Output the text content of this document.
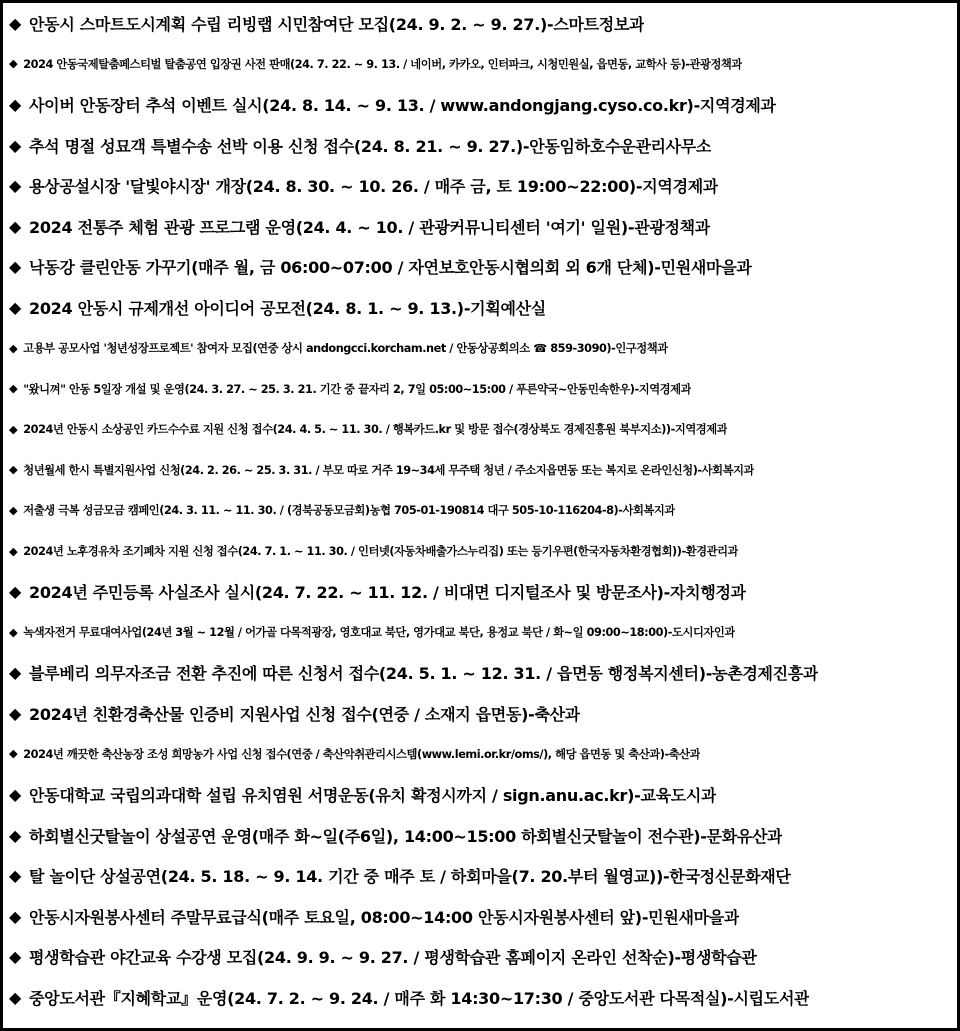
◆ 안동시 스마트도시계획 수립 리빙랩 시민참여단 모집(24. 9. 2. ~ 9. 27.)-스마트정보과
◆ 2024 안동국제탈춤페스티벌 탈춤공연 입장권 사전 판매(24. 7. 22. ~ 9. 13. / 네이버, 카카오, 인터파크, 시청민원실, 읍면동, 교학사 등)-관광정책과
◆ 사이버 안동장터 추석 이벤트 실시(24. 8. 14. ~ 9. 13. / www.andongjang.cyso.co.kr)-지역경제과
◆ 추석 명절 성묘객 특별수송 선박 이용 신청 접수(24. 8. 21. ~ 9. 27.)-안동임하호수운관리사무소
◆ 용상공설시장 '달빛야시장' 개장(24. 8. 30. ~ 10. 26. / 매주 금, 토 19:00~22:00)-지역경제과
◆ 2024 전통주 체험 관광 프로그램 운영(24. 4. ~ 10. / 관광커뮤니티센터 '여기' 일원)-관광정책과
◆ 낙동강 클린안동 가꾸기(매주 월, 금 06:00~07:00 / 자연보호안동시협의회 외 6개 단체)-민원새마을과
◆ 2024 안동시 규제개선 아이디어 공모전(24. 8. 1. ~ 9. 13.)-기획예산실
◆ 고용부 공모사업 '청년성장프로젝트' 참여자 모집(연중 상시 andongcci.korcham.net / 안동상공회의소 ☎ 859-3090)-인구정책과
◆ "왔니껴" 안동 5일장 개설 및 운영(24. 3. 27. ~ 25. 3. 21. 기간 중 끝자리 2, 7일 05:00~15:00 / 푸른약국~안동민속한우)-지역경제과
◆ 2024년 안동시 소상공인 카드수수료 지원 신청 접수(24. 4. 5. ~ 11. 30. / 행복카드.kr 및 방문 접수(경상북도 경제진흥원 북부지소))-지역경제과
◆ 청년월세 한시 특별지원사업 신청(24. 2. 26. ~ 25. 3. 31. / 부모 따로 거주 19~34세 무주택 청년 / 주소지읍면동 또는 복지로 온라인신청)-사회복지과
◆ 저출생 극복 성금모금 캠페인(24. 3. 11. ~ 11. 30. / (경북공동모금회)농협 705-01-190814 대구 505-10-116204-8)-사회복지과
◆ 2024년 노후경유차 조기폐차 지원 신청 접수(24. 7. 1. ~ 11. 30. / 인터넷(자동차배출가스누리집) 또는 등기우편(한국자동차환경협회))-환경관리과
◆ 2024년 주민등록 사실조사 실시(24. 7. 22. ~ 11. 12. / 비대면 디지털조사 및 방문조사)-자치행정과
◆ 녹색자전거 무료대여사업(24년 3월 ~ 12월 / 어가골 다목적광장, 영호대교 북단, 영가대교 북단, 용정교 북단 / 화~일 09:00~18:00)-도시디자인과
◆ 블루베리 의무자조금 전환 추진에 따른 신청서 접수(24. 5. 1. ~ 12. 31. / 읍면동 행정복지센터)-농촌경제진흥과
◆ 2024년 친환경축산물 인증비 지원사업 신청 접수(연중 / 소재지 읍면동)-축산과
◆ 2024년 깨끗한 축산농장 조성 희망농가 사업 신청 접수(연중 / 축산악취관리시스템(www.lemi.or.kr/oms/), 해당 읍면동 및 축산과)-축산과
◆ 안동대학교 국립의과대학 설립 유치염원 서명운동(유치 확정시까지 / sign.anu.ac.kr)-교육도시과
◆ 하회별신굿탈놀이 상설공연 운영(매주 화~일(주6일), 14:00~15:00 하회별신굿탈놀이 전수관)-문화유산과
◆ 탈 놀이단 상설공연(24. 5. 18. ~ 9. 14. 기간 중 매주 토 / 하회마을(7. 20.부터 월영교))-한국정신문화재단
◆ 안동시자원봉사센터 주말무료급식(매주 토요일, 08:00~14:00 안동시자원봉사센터 앞)-민원새마을과
◆ 평생학습관 야간교육 수강생 모집(24. 9. 9. ~ 9. 27. / 평생학습관 홈페이지 온라인 선착순)-평생학습관
◆ 중앙도서관『지혜학교』운영(24. 7. 2. ~ 9. 24. / 매주 화 14:30~17:30 / 중앙도서관 다목적실)-시립도서관
